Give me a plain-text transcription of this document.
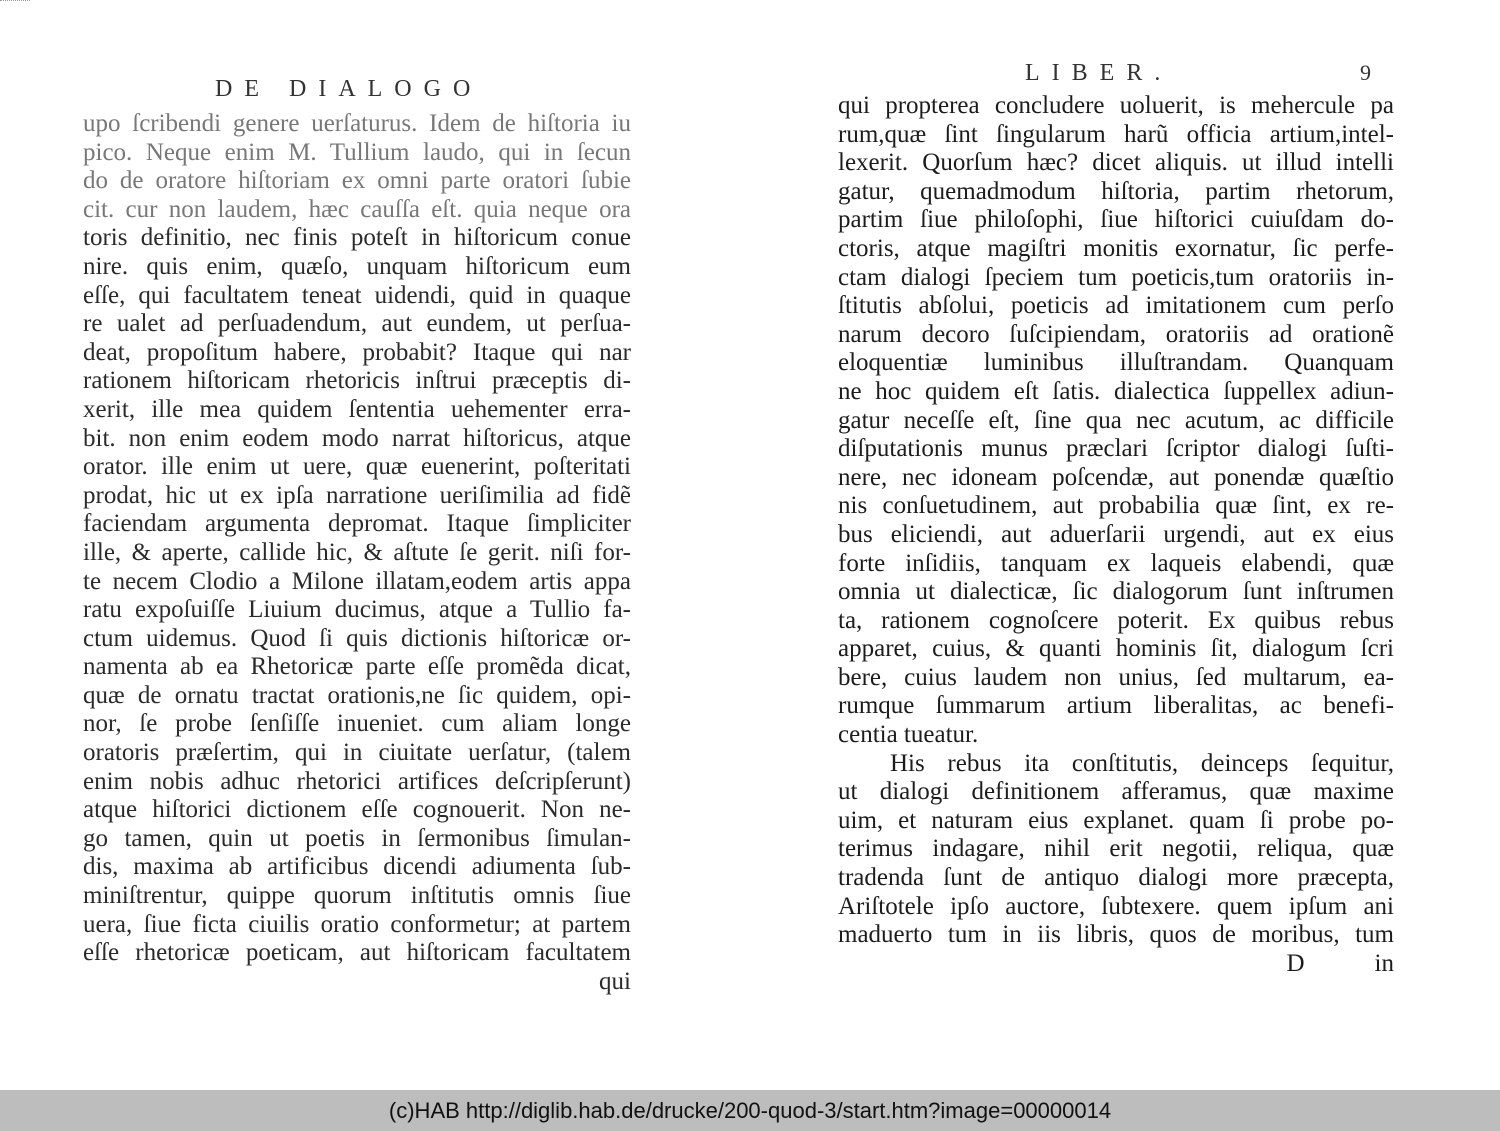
DE DIALOGO
upo ſcribendi genere uerſaturus. Idem de hiſtoria iu
pico. Neque enim M. Tullium laudo, qui in ſecun
do de oratore hiſtoriam ex omni parte oratori ſubie
cit. cur non laudem, hæc cauſſa eſt. quia neque ora
toris definitio, nec finis poteſt in hiſtoricum conue
nire. quis enim, quæſo, unquam hiſtoricum eum
eſſe, qui facultatem teneat uidendi, quid in quaque
re ualet ad perſuadendum, aut eundem, ut perſua-
deat, propoſitum habere, probabit? Itaque qui nar
rationem hiſtoricam rhetoricis inſtrui præceptis di-
xerit, ille mea quidem ſententia uehementer erra-
bit. non enim eodem modo narrat hiſtoricus, atque
orator. ille enim ut uere, quæ euenerint, poſteritati
prodat, hic ut ex ipſa narratione ueriſimilia ad fidẽ
faciendam argumenta depromat. Itaque ſimpliciter
ille, & aperte, callide hic, & aſtute ſe gerit. niſi for-
te necem Clodio a Milone illatam,eodem artis appa
ratu expoſuiſſe Liuium ducimus, atque a Tullio fa-
ctum uidemus. Quod ſi quis dictionis hiſtoricæ or-
namenta ab ea Rhetoricæ parte eſſe promẽda dicat,
quæ de ornatu tractat orationis,ne ſic quidem, opi-
nor, ſe probe ſenſiſſe inueniet. cum aliam longe
oratoris præſertim, qui in ciuitate uerſatur, (talem
enim nobis adhuc rhetorici artifices deſcripſerunt)
atque hiſtorici dictionem eſſe cognouerit. Non ne-
go tamen, quin ut poetis in ſermonibus ſimulan-
dis, maxima ab artificibus dicendi adiumenta ſub-
miniſtrentur, quippe quorum inſtitutis omnis ſiue
uera, ſiue ficta ciuilis oratio conformetur; at partem
eſſe rhetoricæ poeticam, aut hiſtoricam facultatem
qui
LIBER.	9
qui propterea concludere uoluerit, is mehercule pa
rum,quæ ſint ſingularum harũ officia artium,intel-
lexerit. Quorſum hæc? dicet aliquis. ut illud intelli
gatur, quemadmodum hiſtoria, partim rhetorum,
partim ſiue philoſophi, ſiue hiſtorici cuiuſdam do-
ctoris, atque magiſtri monitis exornatur, ſic perfe-
ctam dialogi ſpeciem tum poeticis,tum oratoriis in-
ſtitutis abſolui, poeticis ad imitationem cum perſo
narum decoro ſuſcipiendam, oratoriis ad orationẽ
eloquentiæ luminibus illuſtrandam. Quanquam
ne hoc quidem eſt ſatis. dialectica ſuppellex adiun-
gatur neceſſe eſt, ſine qua nec acutum, ac difficile
diſputationis munus præclari ſcriptor dialogi ſuſti-
nere, nec idoneam poſcendæ, aut ponendæ quæſtio
nis conſuetudinem, aut probabilia quæ ſint, ex re-
bus eliciendi, aut aduerſarii urgendi, aut ex eius
forte inſidiis, tanquam ex laqueis elabendi, quæ
omnia ut dialecticæ, ſic dialogorum ſunt inſtrumen
ta, rationem cognoſcere poterit. Ex quibus rebus
apparet, cuius, & quanti hominis ſit, dialogum ſcri
bere, cuius laudem non unius, ſed multarum, ea-
rumque ſummarum artium liberalitas, ac benefi-
centia tueatur.
His rebus ita conſtitutis, deinceps ſequitur,
ut dialogi definitionem afferamus, quæ maxime
uim, et naturam eius explanet. quam ſi probe po-
terimus indagare, nihil erit negotii, reliqua, quæ
tradenda ſunt de antiquo dialogi more præcepta,
Ariſtotele ipſo auctore, ſubtexere. quem ipſum ani
maduerto tum in iis libris, quos de moribus, tum
D	in
(c)HAB http://diglib.hab.de/drucke/200-quod-3/start.htm?image=00000014
